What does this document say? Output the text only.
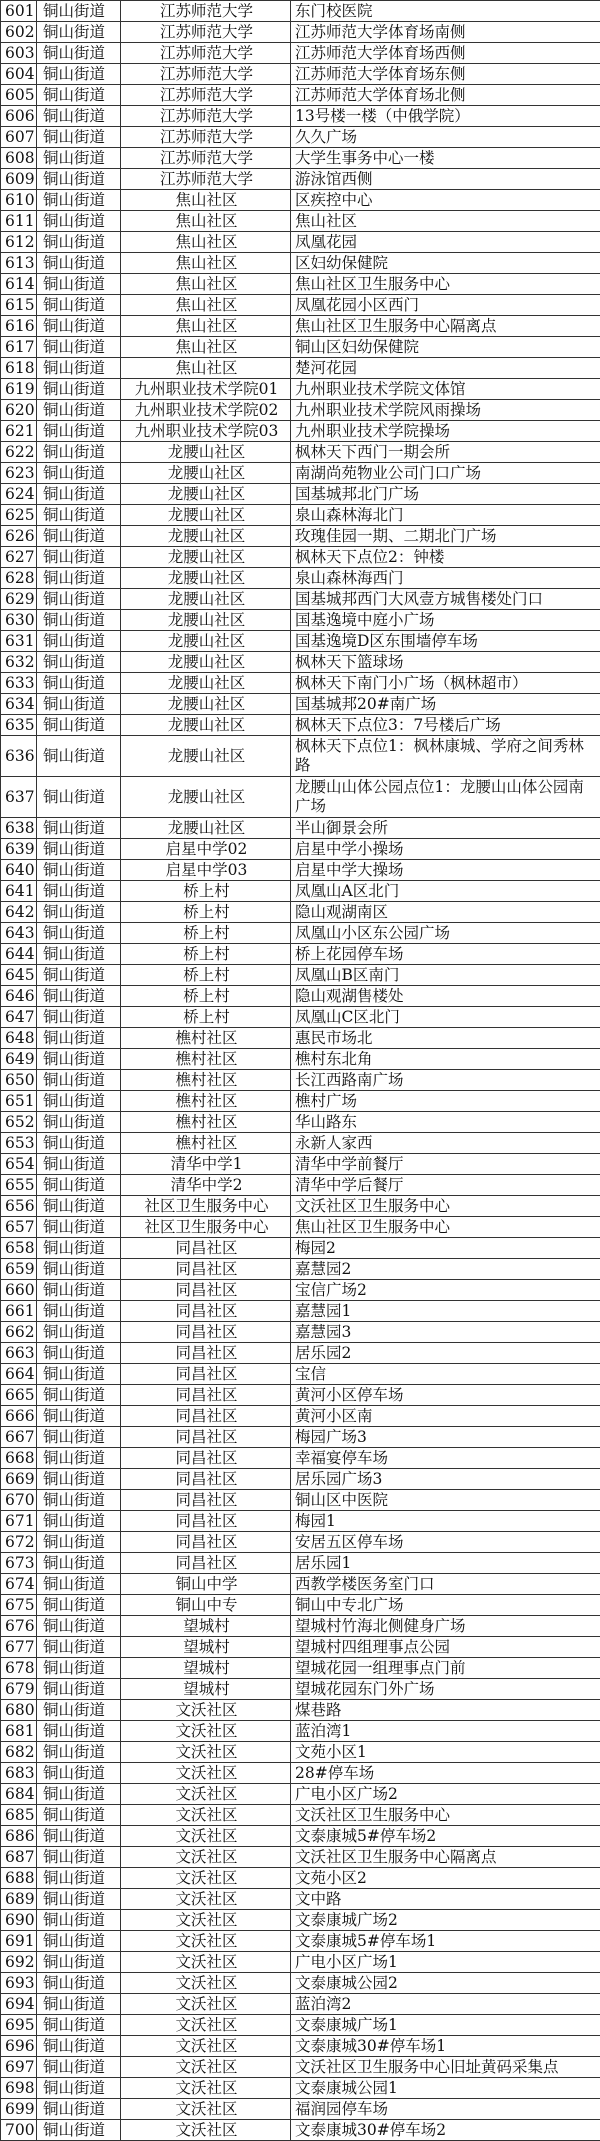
601	铜山街道	江苏师范大学	东门校医院
602	铜山街道	江苏师范大学	江苏师范大学体育场南侧
603	铜山街道	江苏师范大学	江苏师范大学体育场西侧
604	铜山街道	江苏师范大学	江苏师范大学体育场东侧
605	铜山街道	江苏师范大学	江苏师范大学体育场北侧
606	铜山街道	江苏师范大学	13号楼一楼（中俄学院）
607	铜山街道	江苏师范大学	久久广场
608	铜山街道	江苏师范大学	大学生事务中心一楼
609	铜山街道	江苏师范大学	游泳馆西侧
610	铜山街道	焦山社区	区疾控中心
611	铜山街道	焦山社区	焦山社区
612	铜山街道	焦山社区	凤凰花园
613	铜山街道	焦山社区	区妇幼保健院
614	铜山街道	焦山社区	焦山社区卫生服务中心
615	铜山街道	焦山社区	凤凰花园小区西门
616	铜山街道	焦山社区	焦山社区卫生服务中心隔离点
617	铜山街道	焦山社区	铜山区妇幼保健院
618	铜山街道	焦山社区	楚河花园
619	铜山街道	九州职业技术学院01	九州职业技术学院文体馆
620	铜山街道	九州职业技术学院02	九州职业技术学院风雨操场
621	铜山街道	九州职业技术学院03	九州职业技术学院操场
622	铜山街道	龙腰山社区	枫林天下西门一期会所
623	铜山街道	龙腰山社区	南湖尚苑物业公司门口广场
624	铜山街道	龙腰山社区	国基城邦北门广场
625	铜山街道	龙腰山社区	泉山森林海北门
626	铜山街道	龙腰山社区	玫瑰佳园一期、二期北门广场
627	铜山街道	龙腰山社区	枫林天下点位2：钟楼
628	铜山街道	龙腰山社区	泉山森林海西门
629	铜山街道	龙腰山社区	国基城邦西门大风壹方城售楼处门口
630	铜山街道	龙腰山社区	国基逸境中庭小广场
631	铜山街道	龙腰山社区	国基逸境D区东围墙停车场
632	铜山街道	龙腰山社区	枫林天下篮球场
633	铜山街道	龙腰山社区	枫林天下南门小广场（枫林超市）
634	铜山街道	龙腰山社区	国基城邦20#南广场
635	铜山街道	龙腰山社区	枫林天下点位3：7号楼后广场
636	铜山街道	龙腰山社区	枫林天下点位1：枫林康城、学府之间秀林路
637	铜山街道	龙腰山社区	龙腰山山体公园点位1：龙腰山山体公园南广场
638	铜山街道	龙腰山社区	半山御景会所
639	铜山街道	启星中学02	启星中学小操场
640	铜山街道	启星中学03	启星中学大操场
641	铜山街道	桥上村	凤凰山A区北门
642	铜山街道	桥上村	隐山观湖南区
643	铜山街道	桥上村	凤凰山小区东公园广场
644	铜山街道	桥上村	桥上花园停车场
645	铜山街道	桥上村	凤凰山B区南门
646	铜山街道	桥上村	隐山观湖售楼处
647	铜山街道	桥上村	凤凰山C区北门
648	铜山街道	樵村社区	惠民市场北
649	铜山街道	樵村社区	樵村东北角
650	铜山街道	樵村社区	长江西路南广场
651	铜山街道	樵村社区	樵村广场
652	铜山街道	樵村社区	华山路东
653	铜山街道	樵村社区	永新人家西
654	铜山街道	清华中学1	清华中学前餐厅
655	铜山街道	清华中学2	清华中学后餐厅
656	铜山街道	社区卫生服务中心	文沃社区卫生服务中心
657	铜山街道	社区卫生服务中心	焦山社区卫生服务中心
658	铜山街道	同昌社区	梅园2
659	铜山街道	同昌社区	嘉慧园2
660	铜山街道	同昌社区	宝信广场2
661	铜山街道	同昌社区	嘉慧园1
662	铜山街道	同昌社区	嘉慧园3
663	铜山街道	同昌社区	居乐园2
664	铜山街道	同昌社区	宝信
665	铜山街道	同昌社区	黄河小区停车场
666	铜山街道	同昌社区	黄河小区南
667	铜山街道	同昌社区	梅园广场3
668	铜山街道	同昌社区	幸福宴停车场
669	铜山街道	同昌社区	居乐园广场3
670	铜山街道	同昌社区	铜山区中医院
671	铜山街道	同昌社区	梅园1
672	铜山街道	同昌社区	安居五区停车场
673	铜山街道	同昌社区	居乐园1
674	铜山街道	铜山中学	西教学楼医务室门口
675	铜山街道	铜山中专	铜山中专北广场
676	铜山街道	望城村	望城村竹海北侧健身广场
677	铜山街道	望城村	望城村四组理事点公园
678	铜山街道	望城村	望城花园一组理事点门前
679	铜山街道	望城村	望城花园东门外广场
680	铜山街道	文沃社区	煤巷路
681	铜山街道	文沃社区	蓝泊湾1
682	铜山街道	文沃社区	文苑小区1
683	铜山街道	文沃社区	28#停车场
684	铜山街道	文沃社区	广电小区广场2
685	铜山街道	文沃社区	文沃社区卫生服务中心
686	铜山街道	文沃社区	文泰康城5#停车场2
687	铜山街道	文沃社区	文沃社区卫生服务中心隔离点
688	铜山街道	文沃社区	文苑小区2
689	铜山街道	文沃社区	文中路
690	铜山街道	文沃社区	文泰康城广场2
691	铜山街道	文沃社区	文泰康城5#停车场1
692	铜山街道	文沃社区	广电小区广场1
693	铜山街道	文沃社区	文泰康城公园2
694	铜山街道	文沃社区	蓝泊湾2
695	铜山街道	文沃社区	文泰康城广场1
696	铜山街道	文沃社区	文泰康城30#停车场1
697	铜山街道	文沃社区	文沃社区卫生服务中心旧址黄码采集点
698	铜山街道	文沃社区	文泰康城公园1
699	铜山街道	文沃社区	福润园停车场
700	铜山街道	文沃社区	文泰康城30#停车场2
